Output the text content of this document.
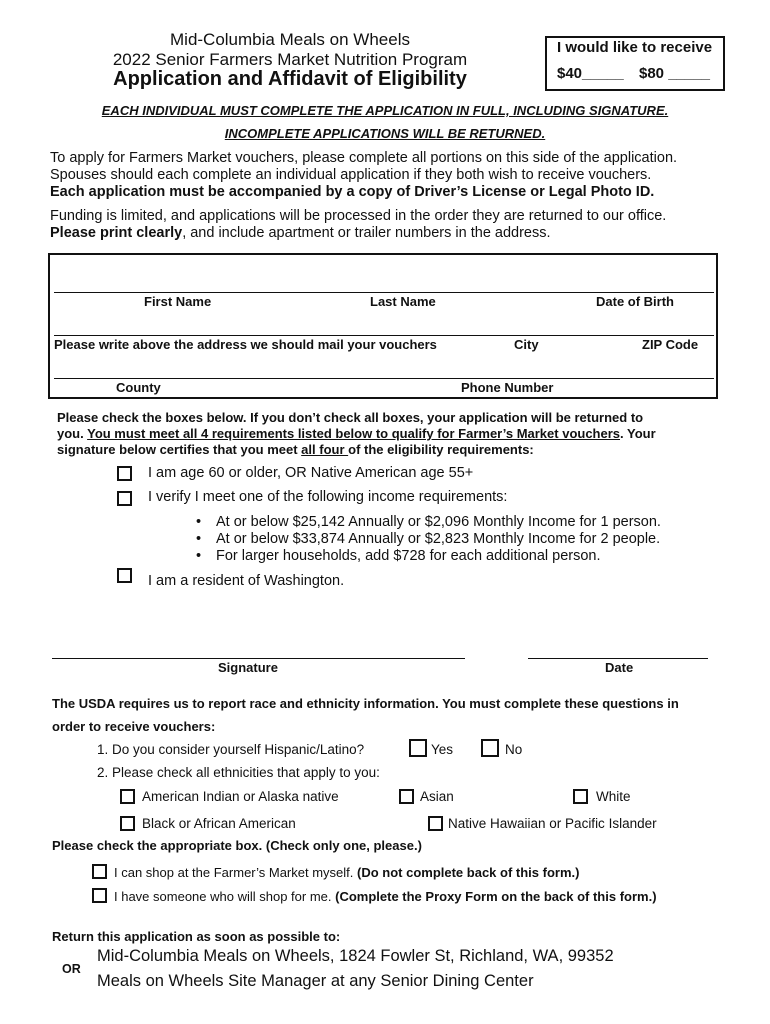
Mid-Columbia Meals on Wheels
2022 Senior Farmers Market Nutrition Program
Application and Affidavit of Eligibility
I would like to receive
$40_____ $80 _____
EACH INDIVIDUAL MUST COMPLETE THE APPLICATION IN FULL, INCLUDING SIGNATURE.
INCOMPLETE APPLICATIONS WILL BE RETURNED.
To apply for Farmers Market vouchers, please complete all portions on this side of the application.
Spouses should each complete an individual application if they both wish to receive vouchers.
Each application must be accompanied by a copy of Driver’s License or Legal Photo ID.
Funding is limited, and applications will be processed in the order they are returned to our office.
Please print clearly, and include apartment or trailer numbers in the address.
First Name	Last Name	Date of Birth
Please write above the address we should mail your vouchers	City	ZIP Code
County	Phone Number
Please check the boxes below. If you don’t check all boxes, your application will be returned to
you. You must meet all 4 requirements listed below to qualify for Farmer’s Market vouchers. Your
signature below certifies that you meet all four of the eligibility requirements:
I am age 60 or older, OR Native American age 55+
I verify I meet one of the following income requirements:
• At or below $25,142 Annually or $2,096 Monthly Income for 1 person.
• At or below $33,874 Annually or $2,823 Monthly Income for 2 people.
• For larger households, add $728 for each additional person.
I am a resident of Washington.
Signature	Date
The USDA requires us to report race and ethnicity information. You must complete these questions in
order to receive vouchers:
1. Do you consider yourself Hispanic/Latino?	Yes	No
2. Please check all ethnicities that apply to you:
American Indian or Alaska native	Asian	White
Black or African American	Native Hawaiian or Pacific Islander
Please check the appropriate box. (Check only one, please.)
I can shop at the Farmer’s Market myself. (Do not complete back of this form.)
I have someone who will shop for me. (Complete the Proxy Form on the back of this form.)
Return this application as soon as possible to:
Mid-Columbia Meals on Wheels, 1824 Fowler St, Richland, WA, 99352
OR
Meals on Wheels Site Manager at any Senior Dining Center
